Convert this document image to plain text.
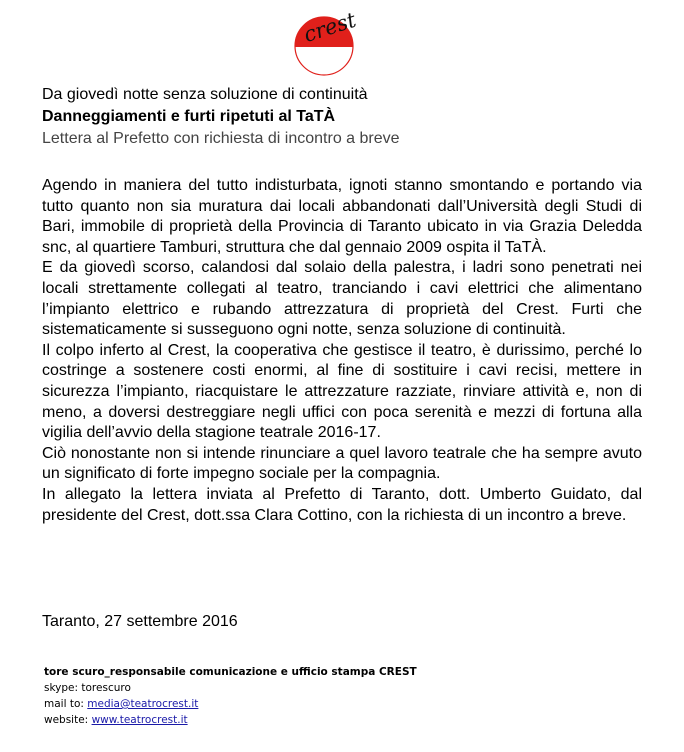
crest
Da giovedì notte senza soluzione di continuità
Danneggiamenti e furti ripetuti al TaTÀ
Lettera al Prefetto con richiesta di incontro a breve

Agendo in maniera del tutto indisturbata, ignoti stanno smontando e portando via tutto quanto non sia muratura dai locali abbandonati dall’Università degli Studi di Bari, immobile di proprietà della Provincia di Taranto ubicato in via Grazia Deledda snc, al quartiere Tamburi, struttura che dal gennaio 2009 ospita il TaTÀ.

E da giovedì scorso, calandosi dal solaio della palestra, i ladri sono penetrati nei locali strettamente collegati al teatro, tranciando i cavi elettrici che alimentano l’impianto elettrico e rubando attrezzatura di proprietà del Crest. Furti che sistematicamente si susseguono ogni notte, senza soluzione di continuità.

Il colpo inferto al Crest, la cooperativa che gestisce il teatro, è durissimo, perché lo costringe a sostenere costi enormi, al fine di sostituire i cavi recisi, mettere in sicurezza l’impianto, riacquistare le attrezzature razziate, rinviare attività e, non di meno, a doversi destreggiare negli uffici con poca serenità e mezzi di fortuna alla vigilia dell’avvio della stagione teatrale 2016-17.

Ciò nonostante non si intende rinunciare a quel lavoro teatrale che ha sempre avuto un significato di forte impegno sociale per la compagnia.

In allegato la lettera inviata al Prefetto di Taranto, dott. Umberto Guidato, dal presidente del Crest, dott.ssa Clara Cottino, con la richiesta di un incontro a breve.

Taranto, 27 settembre 2016
tore scuro_responsabile comunicazione e ufficio stampa CREST
skype: torescuro
mail to: media@teatrocrest.it
website: www.teatrocrest.it
